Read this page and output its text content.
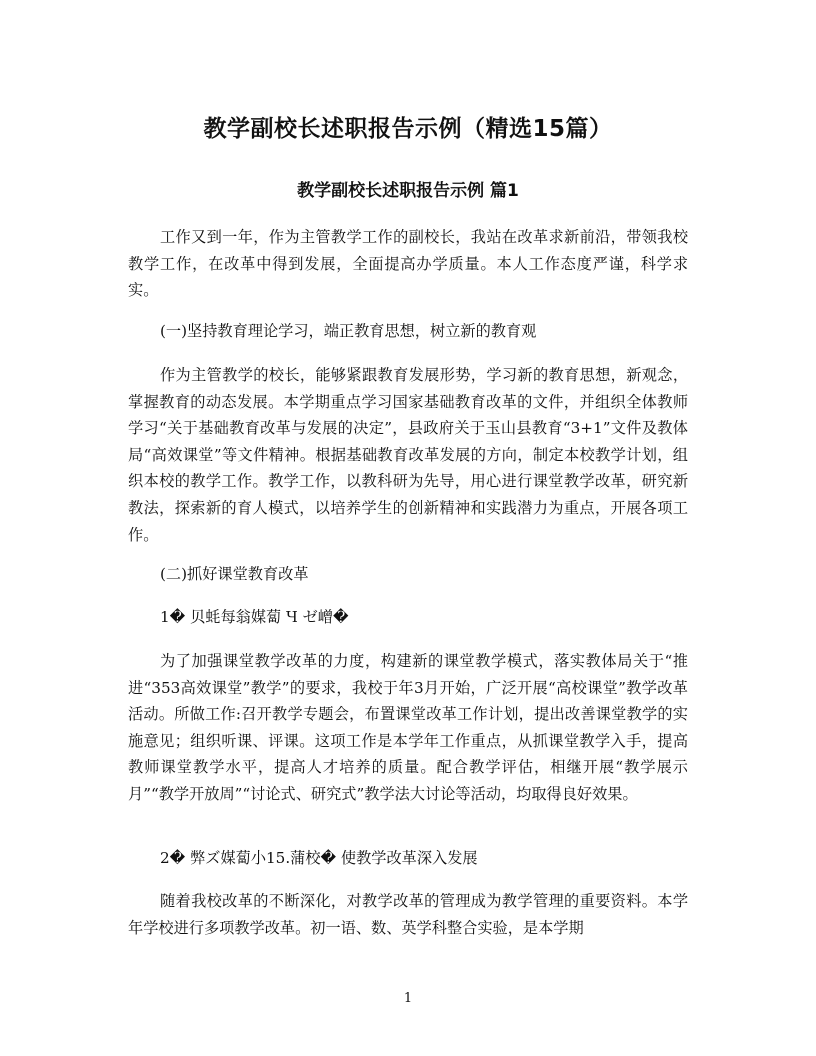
教学副校长述职报告示例（精选15篇）
教学副校长述职报告示例 篇1

工作又到一年，作为主管教学工作的副校长，我站在改革求新前沿，带领我校教学工作，在改革中得到发展，全面提高办学质量。本人工作态度严谨，科学求实。

(一)坚持教育理论学习，端正教育思想，树立新的教育观

作为主管教学的校长，能够紧跟教育发展形势，学习新的教育思想，新观念，掌握教育的动态发展。本学期重点学习国家基础教育改革的文件，并组织全体教师学习“关于基础教育改革与发展的决定”，县政府关于玉山县教育“3+1”文件及教体局“高效课堂”等文件精神。根据基础教育改革发展的方向，制定本校教学计划，组织本校的教学工作。教学工作，以教科研为先导，用心进行课堂教学改革，研究新教法，探索新的育人模式，以培养学生的创新精神和实践潜力为重点，开展各项工作。

(二)抓好课堂教育改革
1� 贝蚝每翁媒蔔 Ч ゼ嶒�

为了加强课堂教学改革的力度，构建新的课堂教学模式，落实教体局关于“推进“353高效课堂”教学”的要求，我校于年3月开始，广泛开展“高校课堂”教学改革活动。所做工作:召开教学专题会，布置课堂改革工作计划，提出改善课堂教学的实施意见；组织听课、评课。这项工作是本学年工作重点，从抓课堂教学入手，提高教师课堂教学水平，提高人才培养的质量。配合教学评估，相继开展“教学展示月”“教学开放周”“讨论式、研究式”教学法大讨论等活动，均取得良好效果。

2� 弊ズ媒蔔小15.蒲校� 使教学改革深入发展

随着我校改革的不断深化，对教学改革的管理成为教学管理的重要资料。本学年学校进行多项教学改革。初一语、数、英学科整合实验，是本学期

1
